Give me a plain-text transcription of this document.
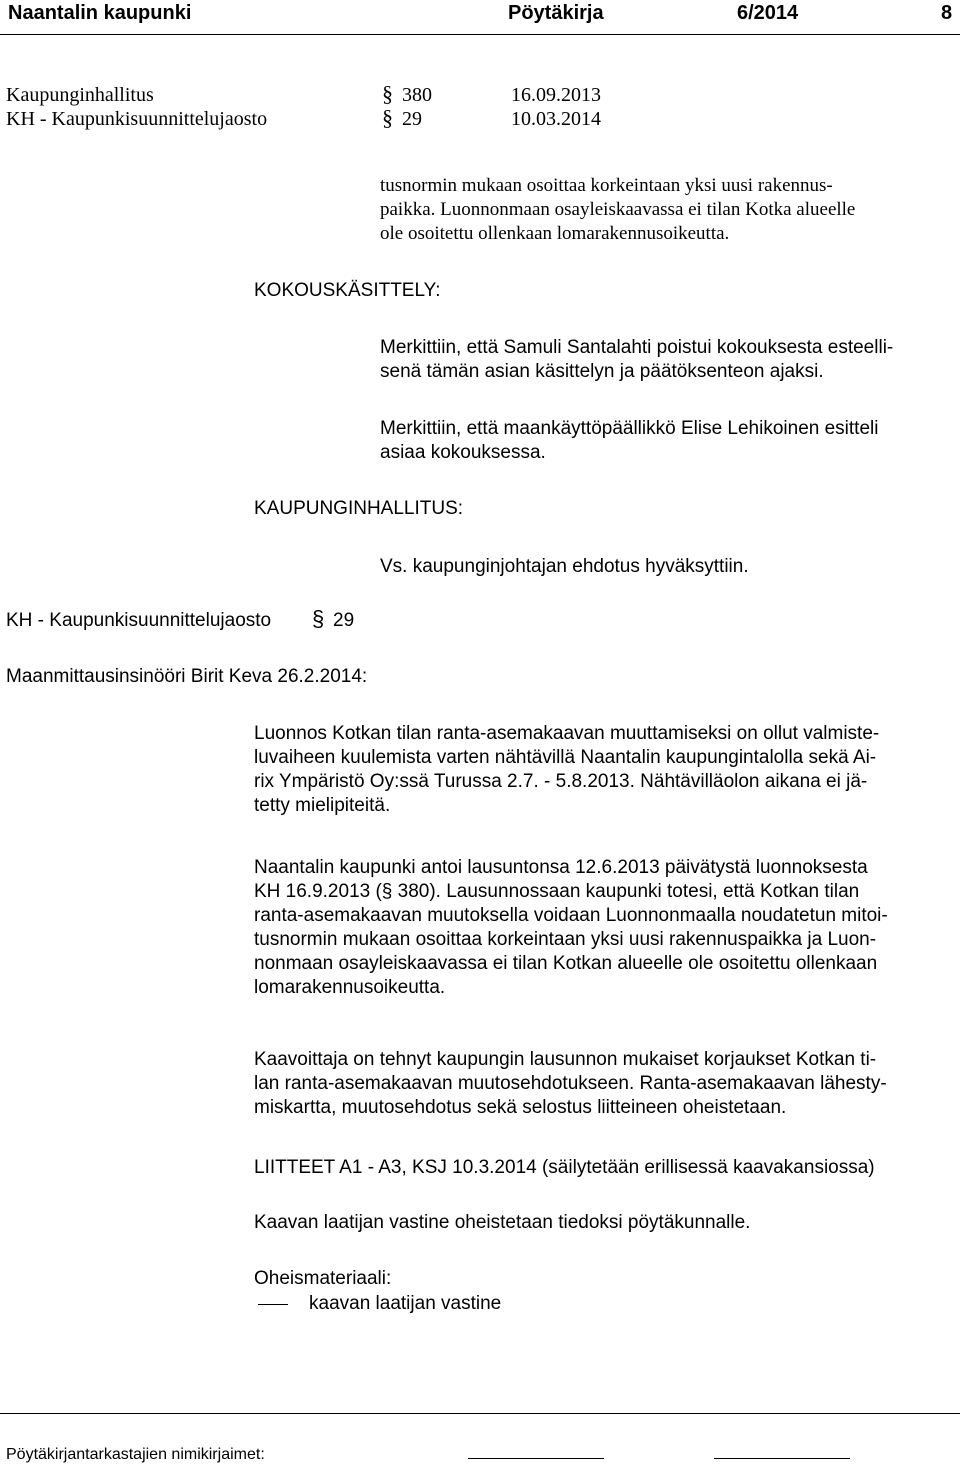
Naantalin kaupunki	Pöytäkirja	6/2014	8
Kaupunginhallitus	§ 380	16.09.2013
KH - Kaupunkisuunnittelujaosto	§ 29	10.03.2014
tusnormin mukaan osoittaa korkeintaan yksi uusi rakennus-
paikka. Luonnonmaan osayleiskaavassa ei tilan Kotka alueelle
ole osoitettu ollenkaan lomarakennusoikeutta.
KOKOUSKÄSITTELY:
Merkittiin, että Samuli Santalahti poistui kokouksesta esteelli-
senä tämän asian käsittelyn ja päätöksenteon ajaksi.
Merkittiin, että maankäyttöpäällikkö Elise Lehikoinen esitteli
asiaa kokouksessa.
KAUPUNGINHALLITUS:
Vs. kaupunginjohtajan ehdotus hyväksyttiin.
KH - Kaupunkisuunnittelujaosto § 29
Maanmittausinsinööri Birit Keva 26.2.2014:
Luonnos Kotkan tilan ranta-asemakaavan muuttamiseksi on ollut valmiste-
luvaiheen kuulemista varten nähtävillä Naantalin kaupungintalolla sekä Ai-
rix Ympäristö Oy:ssä Turussa 2.7. - 5.8.2013. Nähtävilläolon aikana ei jä-
tetty mielipiteitä.
Naantalin kaupunki antoi lausuntonsa 12.6.2013 päivätystä luonnoksesta
KH 16.9.2013 (§ 380). Lausunnossaan kaupunki totesi, että Kotkan tilan
ranta-asemakaavan muutoksella voidaan Luonnonmaalla noudatetun mitoi-
tusnormin mukaan osoittaa korkeintaan yksi uusi rakennuspaikka ja Luon-
nonmaan osayleiskaavassa ei tilan Kotkan alueelle ole osoitettu ollenkaan
lomarakennusoikeutta.
Kaavoittaja on tehnyt kaupungin lausunnon mukaiset korjaukset Kotkan ti-
lan ranta-asemakaavan muutosehdotukseen. Ranta-asemakaavan lähesty-
miskartta, muutosehdotus sekä selostus liitteineen oheistetaan.
LIITTEET A1 - A3, KSJ 10.3.2014 (säilytetään erillisessä kaavakansiossa)
Kaavan laatijan vastine oheistetaan tiedoksi pöytäkunnalle.
Oheismateriaali:
kaavan laatijan vastine
Pöytäkirjantarkastajien nimikirjaimet:
